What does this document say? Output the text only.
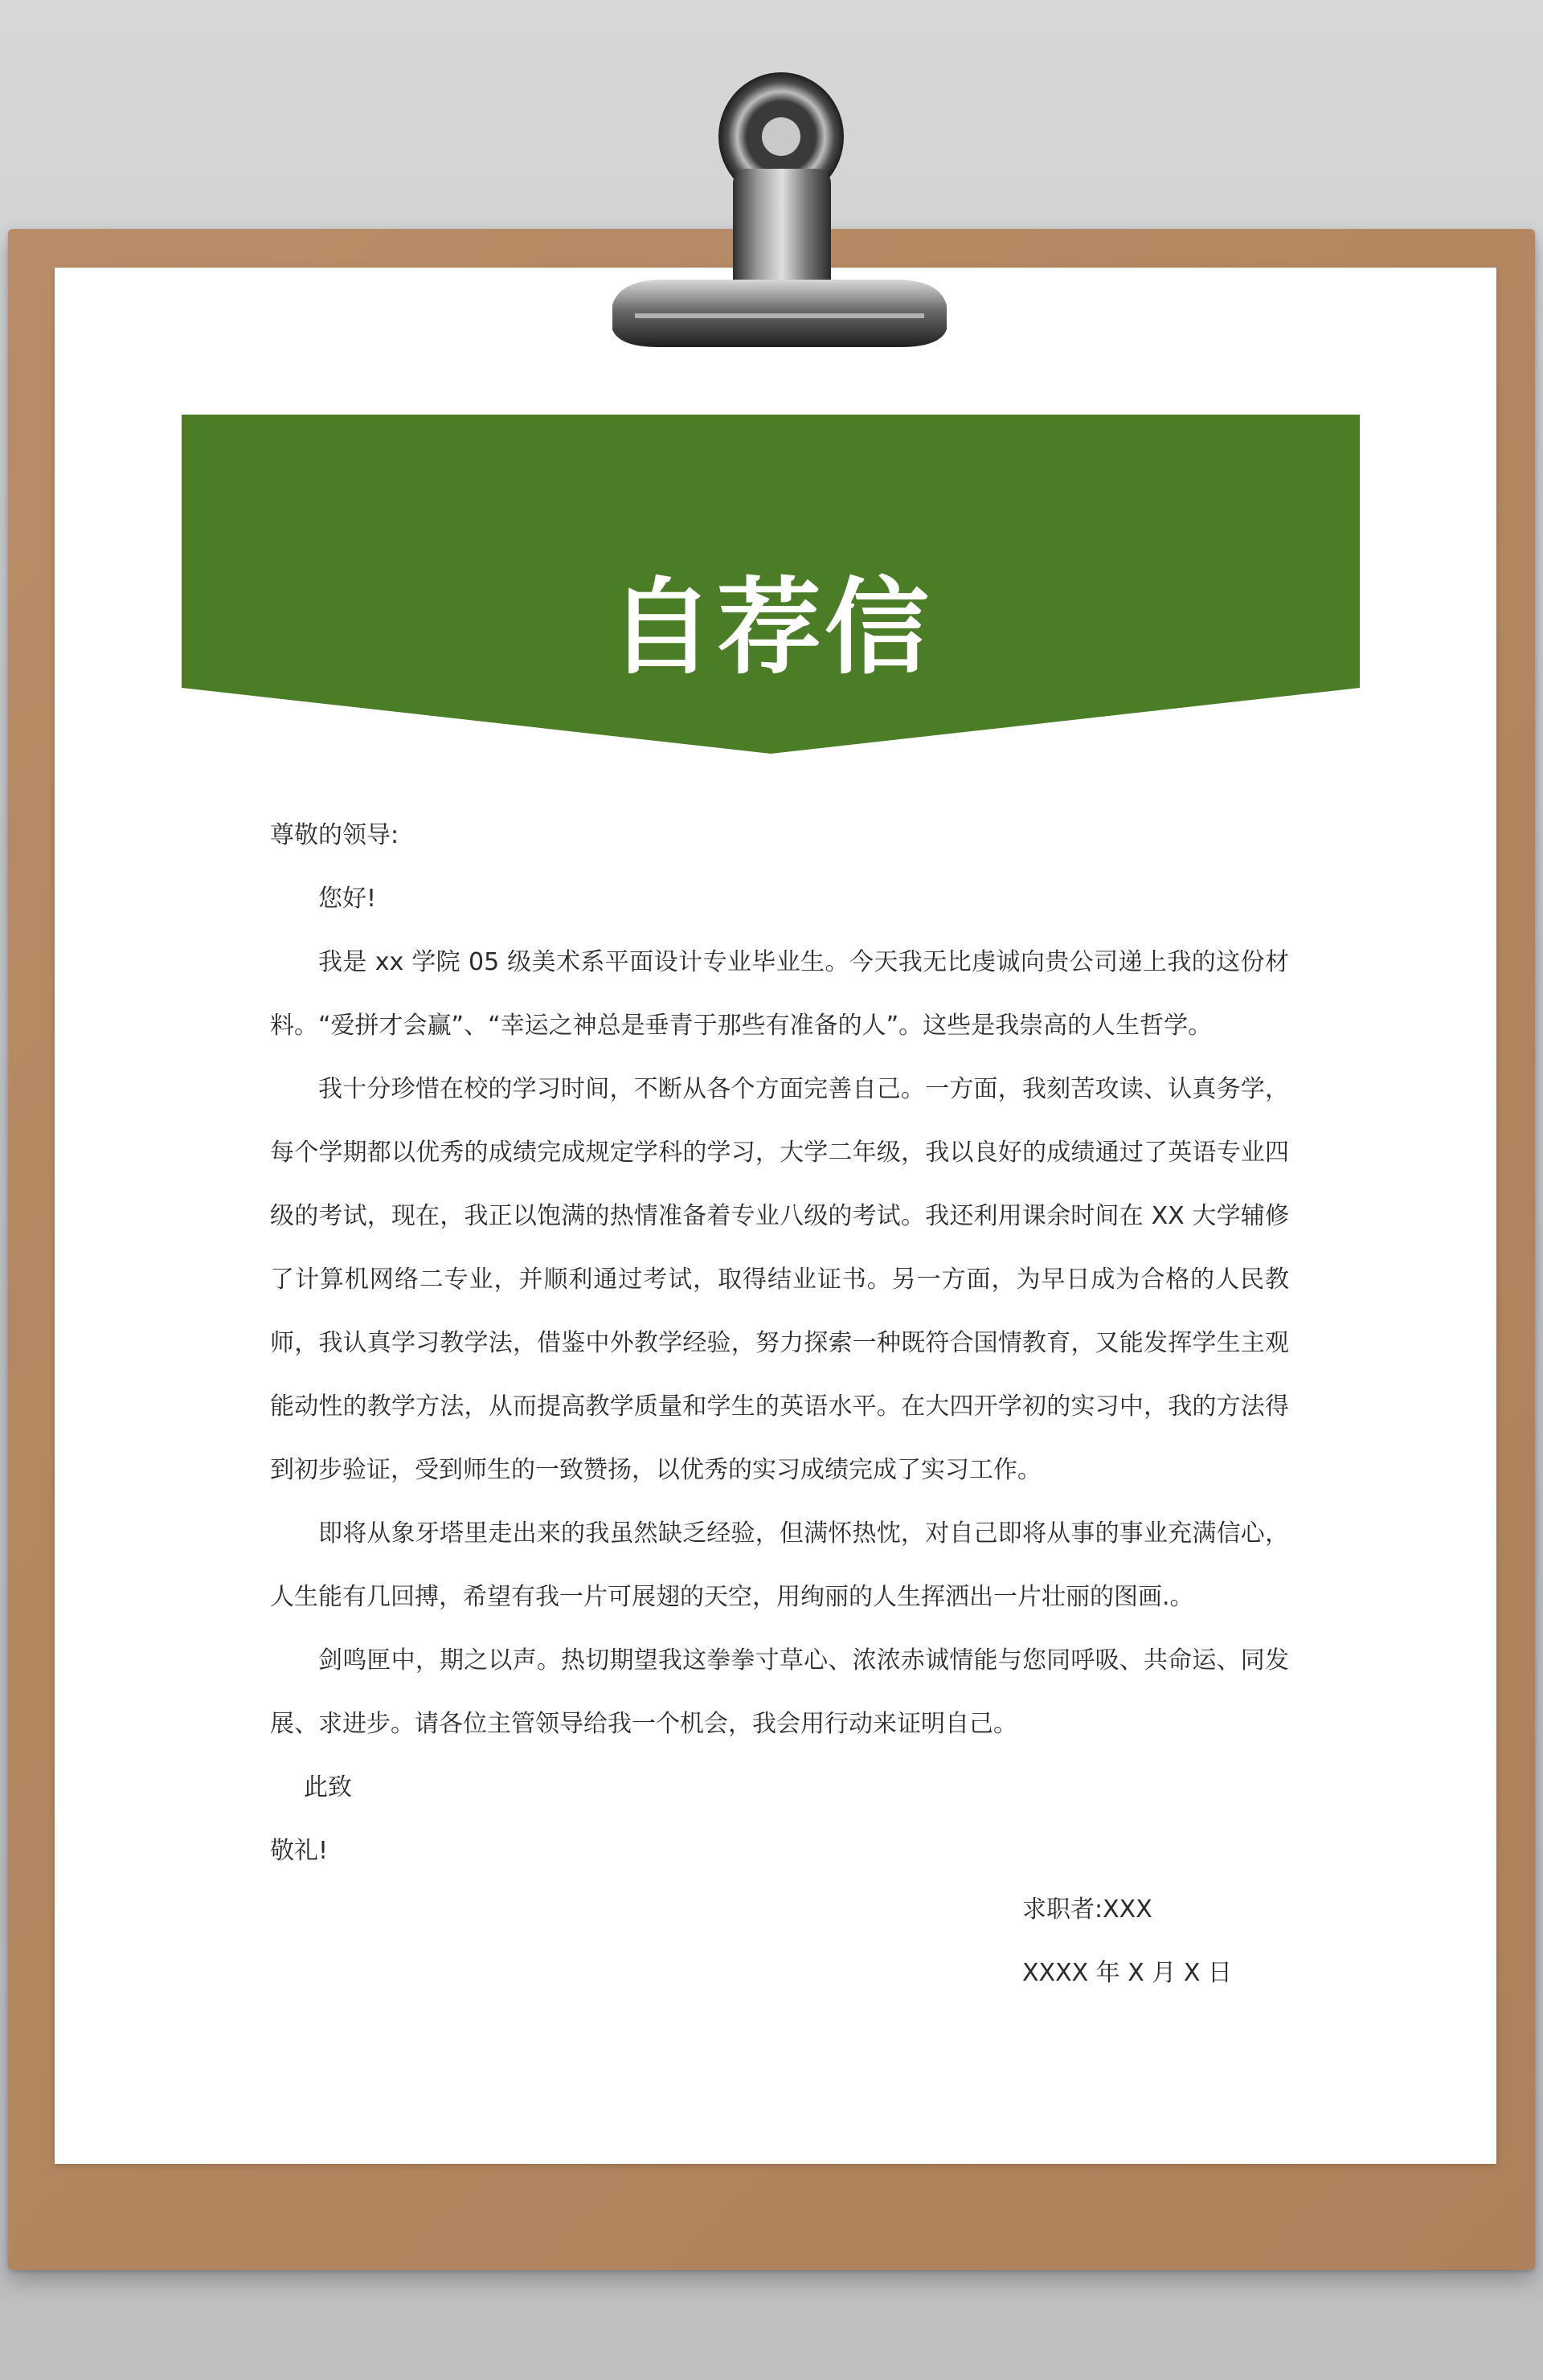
自荐信

尊敬的领导:

您好!

我是 xx 学院 05 级美术系平面设计专业毕业生。今天我无比虔诚向贵公司递上我的这份材料。“爱拼才会赢”、“幸运之神总是垂青于那些有准备的人”。这些是我崇高的人生哲学。

我十分珍惜在校的学习时间，不断从各个方面完善自己。一方面，我刻苦攻读、认真务学，每个学期都以优秀的成绩完成规定学科的学习，大学二年级，我以良好的成绩通过了英语专业四级的考试，现在，我正以饱满的热情准备着专业八级的考试。我还利用课余时间在 XX 大学辅修了计算机网络二专业，并顺利通过考试，取得结业证书。另一方面，为早日成为合格的人民教师，我认真学习教学法，借鉴中外教学经验，努力探索一种既符合国情教育，又能发挥学生主观能动性的教学方法，从而提高教学质量和学生的英语水平。在大四开学初的实习中，我的方法得到初步验证，受到师生的一致赞扬，以优秀的实习成绩完成了实习工作。

即将从象牙塔里走出来的我虽然缺乏经验，但满怀热忱，对自己即将从事的事业充满信心，人生能有几回搏，希望有我一片可展翅的天空，用绚丽的人生挥洒出一片壮丽的图画.。

剑鸣匣中，期之以声。热切期望我这拳拳寸草心、浓浓赤诚情能与您同呼吸、共命运、同发展、求进步。请各位主管领导给我一个机会，我会用行动来证明自己。

此致

敬礼!

求职者:XXX

XXXX 年 X 月 X 日
